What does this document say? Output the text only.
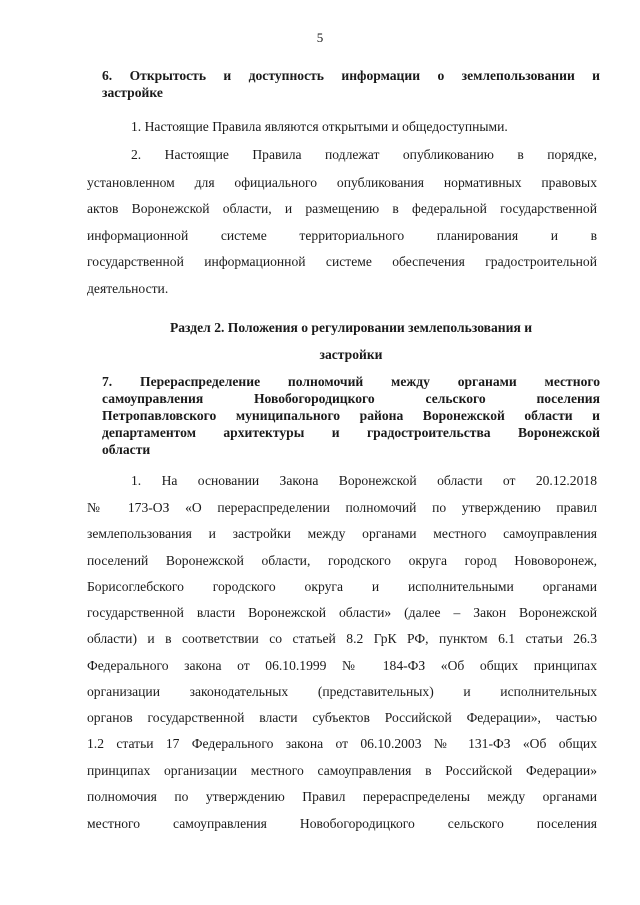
5
6. Открытость и доступность информации о землепользовании и
застройке
1. Настоящие Правила являются открытыми и общедоступными.
2. Настоящие Правила подлежат опубликованию в порядке,
установленном для официального опубликования нормативных правовых
актов Воронежской области, и размещению в федеральной государственной
информационной системе территориального планирования и в
государственной информационной системе обеспечения градостроительной
деятельности.
Раздел 2. Положения о регулировании землепользования и
застройки
7. Перераспределение полномочий между органами местного
самоуправления Новобогородицкого сельского поселения
Петропавловского муниципального района Воронежской области и
департаментом архитектуры и градостроительства Воронежской
области
1. На основании Закона Воронежской области от 20.12.2018
№ 173-ОЗ «О перераспределении полномочий по утверждению правил
землепользования и застройки между органами местного самоуправления
поселений Воронежской области, городского округа город Нововоронеж,
Борисоглебского городского округа и исполнительными органами
государственной власти Воронежской области» (далее – Закон Воронежской
области) и в соответствии со статьей 8.2 ГрК РФ, пунктом 6.1 статьи 26.3
Федерального закона от 06.10.1999 № 184-ФЗ «Об общих принципах
организации законодательных (представительных) и исполнительных
органов государственной власти субъектов Российской Федерации», частью
1.2 статьи 17 Федерального закона от 06.10.2003 № 131-ФЗ «Об общих
принципах организации местного самоуправления в Российской Федерации»
полномочия по утверждению Правил перераспределены между органами
местного самоуправления Новобогородицкого сельского поселения
